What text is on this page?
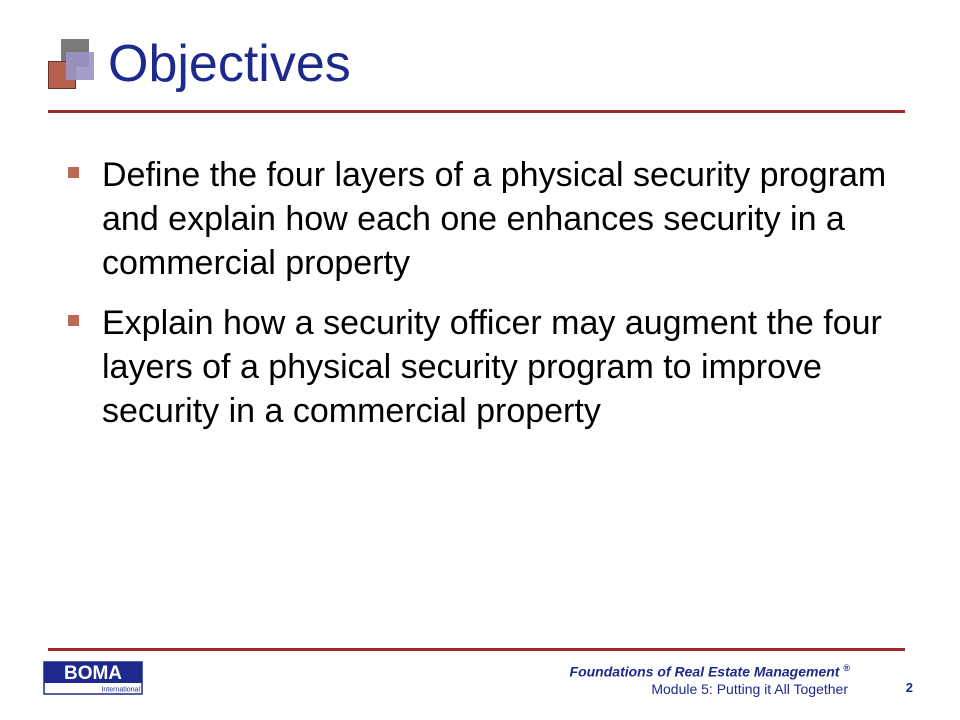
Objectives
Define the four layers of a physical security program and explain how each one enhances security in a commercial property
Explain how a security officer may augment the four layers of a physical security program to improve security in a commercial property
BOMA
International
Foundations of Real Estate Management ®
Module 5: Putting it All Together	2
